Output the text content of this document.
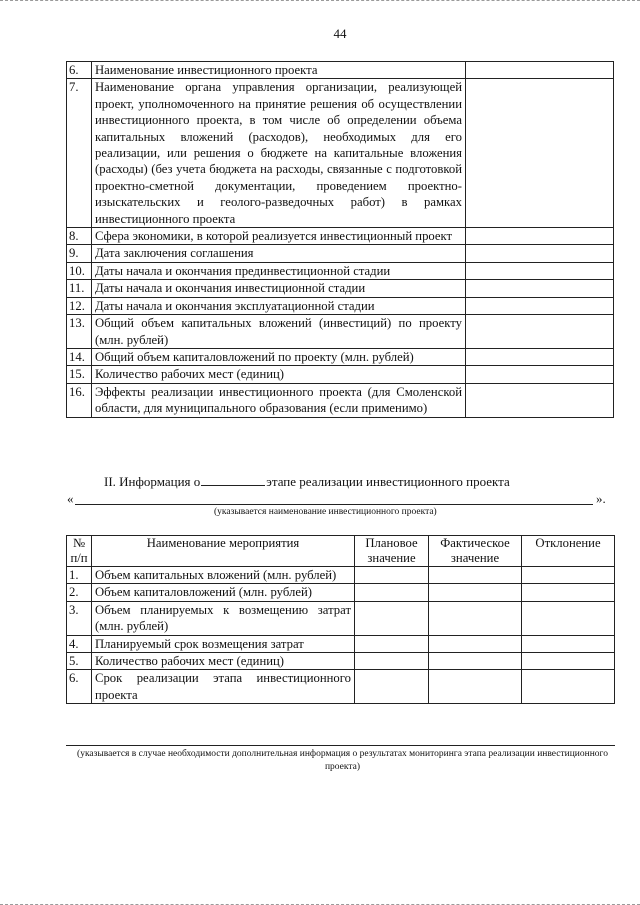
44
6.	Наименование инвестиционного проекта	
7.	Наименование органа управления организации, реализующей проект, уполномоченного на принятие решения об осуществлении инвестиционного проекта, в том числе об определении объема капитальных вложений (расходов), необходимых для его реализации, или решения о бюджете на капитальные вложения (расходы) (без учета бюджета на расходы, связанные с подготовкой проектно-сметной документации, проведением проектно-изыскательских и геолого-разведочных работ) в рамках инвестиционного проекта	
8.	Сфера экономики, в которой реализуется инвестиционный проект	
9.	Дата заключения соглашения	
10.	Даты начала и окончания прединвестиционной стадии	
11.	Даты начала и окончания инвестиционной стадии	
12.	Даты начала и окончания эксплуатационной стадии	
13.	Общий объем капитальных вложений (инвестиций) по проекту (млн. рублей)	
14.	Общий объем капиталовложений по проекту (млн. рублей)	
15.	Количество рабочих мест (единиц)	
16.	Эффекты реализации инвестиционного проекта (для Смоленской области, для муниципального образования (если применимо)	
II. Информация о	этапе реализации инвестиционного проекта
«	».
(указывается наименование инвестиционного проекта)
№ п/п	Наименование мероприятия	Плановое значение	Фактическое значение	Отклонение
1.	Объем капитальных вложений (млн. рублей)			
2.	Объем капиталовложений (млн. рублей)			
3.	Объем планируемых к возмещению затрат (млн. рублей)			
4.	Планируемый срок возмещения затрат			
5.	Количество рабочих мест (единиц)			
6.	Срок реализации этапа инвестиционного проекта			
(указывается в случае необходимости дополнительная информация о результатах мониторинга этапа реализации инвестиционного проекта)
